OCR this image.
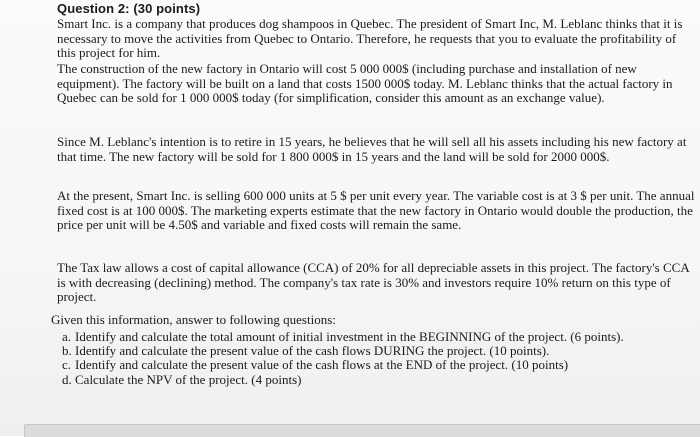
Question 2: (30 points)

Smart Inc. is a company that produces dog shampoos in Quebec. The president of Smart Inc, M. Leblanc thinks that it is necessary to move the activities from Quebec to Ontario. Therefore, he requests that you to evaluate the profitability of this project for him.

The construction of the new factory in Ontario will cost 5 000 000$ (including purchase and installation of new equipment). The factory will be built on a land that costs 1500 000$ today. M. Leblanc thinks that the actual factory in Quebec can be sold for 1 000 000$ today (for simplification, consider this amount as an exchange value).

Since M. Leblanc's intention is to retire in 15 years, he believes that he will sell all his assets including his new factory at that time. The new factory will be sold for 1 800 000$ in 15 years and the land will be sold for 2000 000$.

At the present, Smart Inc. is selling 600 000 units at 5 $ per unit every year. The variable cost is at 3 $ per unit. The annual fixed cost is at 100 000$. The marketing experts estimate that the new factory in Ontario would double the production, the price per unit will be 4.50$ and variable and fixed costs will remain the same.

The Tax law allows a cost of capital allowance (CCA) of 20% for all depreciable assets in this project. The factory's CCA is with decreasing (declining) method. The company's tax rate is 30% and investors require 10% return on this type of project.

Given this information, answer to following questions:

a. Identify and calculate the total amount of initial investment in the BEGINNING of the project. (6 points).
b. Identify and calculate the present value of the cash flows DURING the project. (10 points).
c. Identify and calculate the present value of the cash flows at the END of the project. (10 points)
d. Calculate the NPV of the project. (4 points)
